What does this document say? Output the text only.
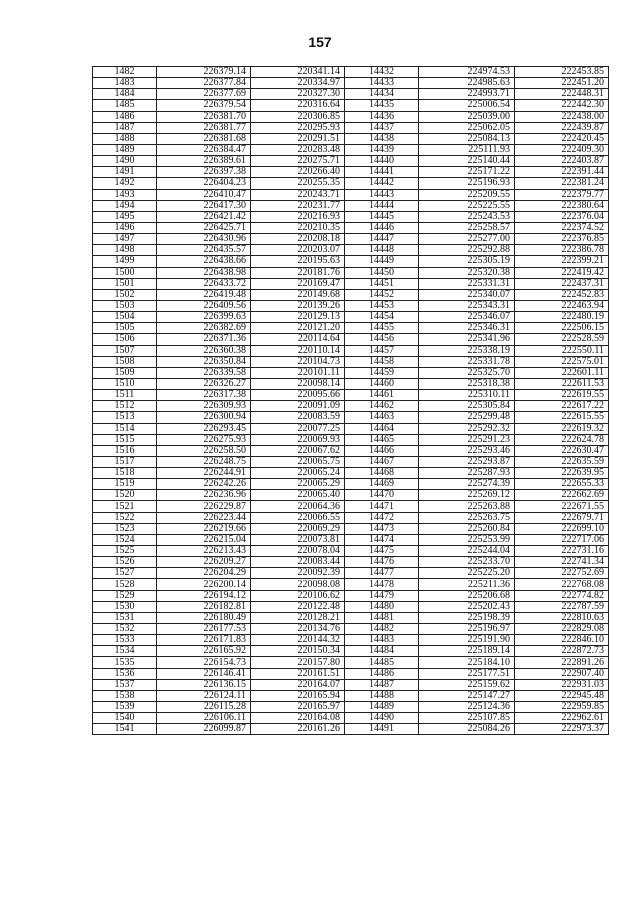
157
1482	226379.14	220341.14	14432	224974.53	222453.85
1483	226377.84	220334.97	14433	224985.63	222451.20
1484	226377.69	220327.30	14434	224993.71	222448.31
1485	226379.54	220316.64	14435	225006.54	222442.30
1486	226381.70	220306.85	14436	225039.00	222438.00
1487	226381.77	220295.93	14437	225062.05	222439.87
1488	226381.68	220291.51	14438	225084.13	222420.45
1489	226384.47	220283.48	14439	225111.93	222409.30
1490	226389.61	220275.71	14440	225140.44	222403.87
1491	226397.38	220266.40	14441	225171.22	222391.44
1492	226404.23	220255.35	14442	225196.93	222381.24
1493	226410.47	220243.71	14443	225209.55	222379.77
1494	226417.30	220231.77	14444	225225.55	222380.64
1495	226421.42	220216.93	14445	225243.53	222376.04
1496	226425.71	220210.35	14446	225258.57	222374.52
1497	226430.96	220208.18	14447	225277.00	222376.85
1498	226435.57	220203.07	14448	225292.88	222386.78
1499	226438.66	220195.63	14449	225305.19	222399.21
1500	226438.98	220181.76	14450	225320.38	222419.42
1501	226433.72	220169.47	14451	225331.31	222437.31
1502	226419.48	220149.68	14452	225340.07	222452.83
1503	226409.56	220139.26	14453	225343.31	222463.94
1504	226399.63	220129.13	14454	225346.07	222480.19
1505	226382.69	220121.20	14455	225346.31	222506.15
1506	226371.36	220114.64	14456	225341.96	222528.59
1507	226360.38	220110.14	14457	225338.19	222550.11
1508	226350.84	220104.73	14458	225331.78	222575.01
1509	226339.58	220101.11	14459	225325.70	222601.11
1510	226326.27	220098.14	14460	225318.38	222611.53
1511	226317.38	220095.66	14461	225310.11	222619.55
1512	226309.93	220091.09	14462	225305.84	222617.22
1513	226300.94	220083.59	14463	225299.48	222615.55
1514	226293.45	220077.25	14464	225292.32	222619.32
1515	226275.93	220069.93	14465	225291.23	222624.78
1516	226258.50	220067.62	14466	225293.46	222630.47
1517	226248.75	220065.75	14467	225293.87	222635.59
1518	226244.91	220065.24	14468	225287.93	222639.95
1519	226242.26	220065.29	14469	225274.39	222655.33
1520	226236.96	220065.40	14470	225269.12	222662.69
1521	226229.87	220064.36	14471	225263.88	222671.55
1522	226223.44	220066.55	14472	225263.75	222679.71
1523	226219.66	220069.29	14473	225260.84	222699.10
1524	226215.04	220073.81	14474	225253.99	222717.06
1525	226213.43	220078.04	14475	225244.04	222731.16
1526	226209.27	220083.44	14476	225233.70	222741.34
1527	226204.29	220092.39	14477	225225.20	222752.69
1528	226200.14	220098.08	14478	225211.36	222768.08
1529	226194.12	220106.62	14479	225206.68	222774.82
1530	226182.81	220122.48	14480	225202.43	222787.59
1531	226180.49	220128.21	14481	225198.39	222810.63
1532	226177.53	220134.76	14482	225196.97	222829.08
1533	226171.83	220144.32	14483	225191.90	222846.10
1534	226165.92	220150.34	14484	225189.14	222872.73
1535	226154.73	220157.80	14485	225184.10	222891.26
1536	226146.41	220161.51	14486	225177.51	222907.40
1537	226136.15	220164.07	14487	225159.62	222931.03
1538	226124.11	220165.94	14488	225147.27	222945.48
1539	226115.28	220165.97	14489	225124.36	222959.85
1540	226106.11	220164.08	14490	225107.85	222962.61
1541	226099.87	220161.26	14491	225084.26	222973.37
